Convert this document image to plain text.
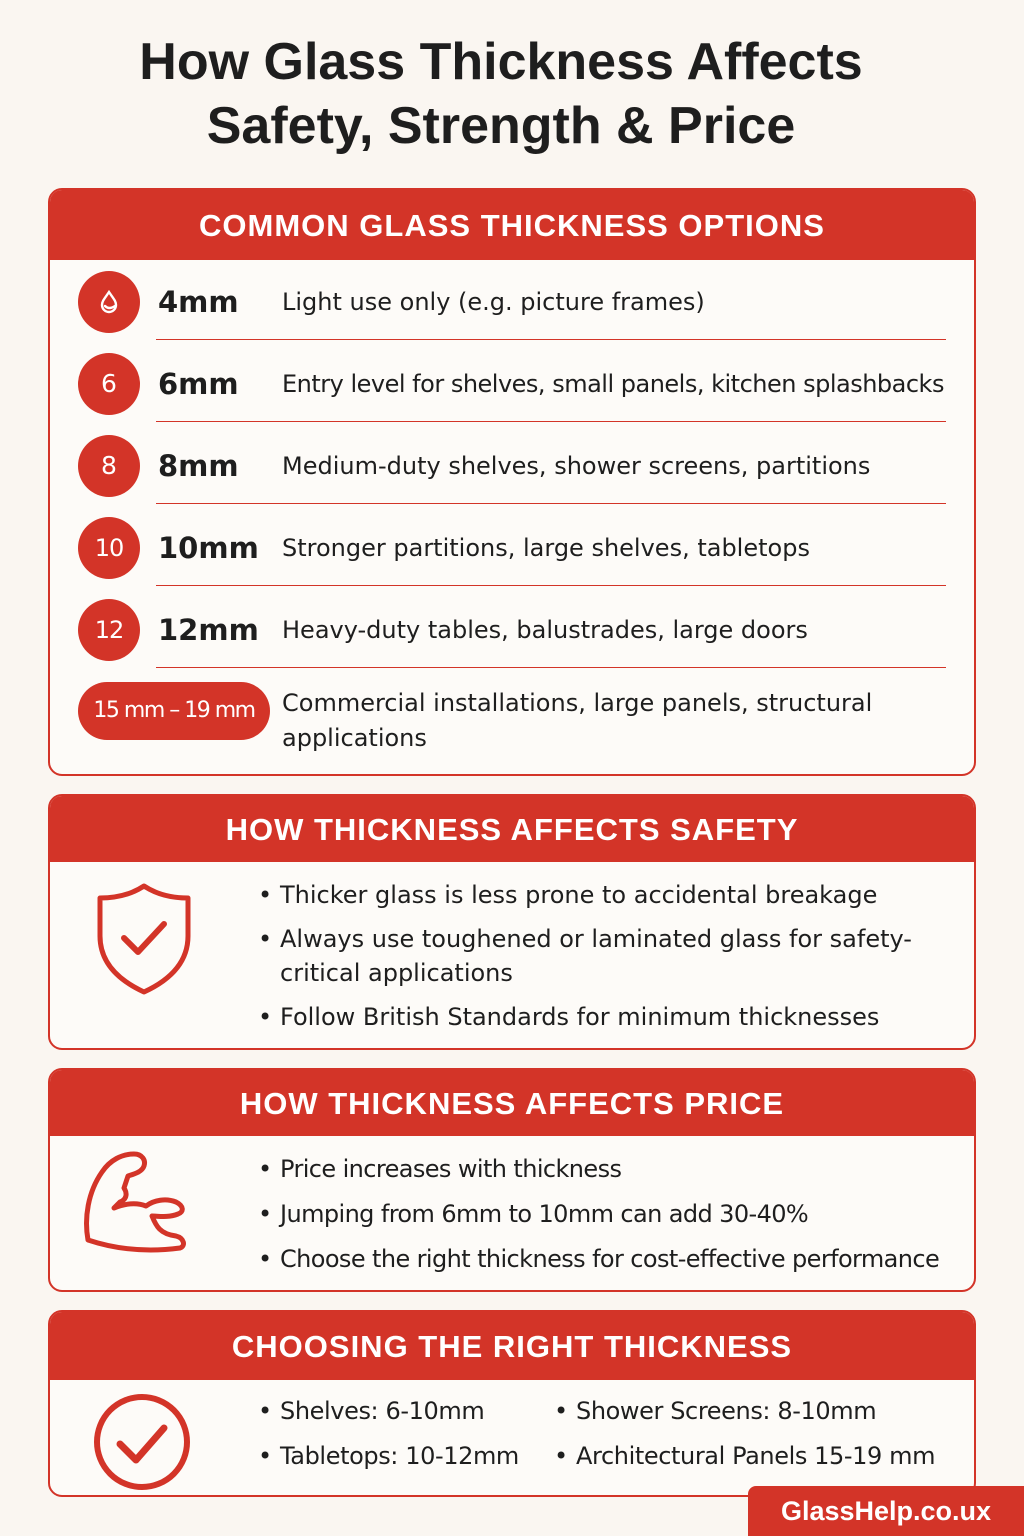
How Glass Thickness Affects
Safety, Strength & Price
COMMON GLASS THICKNESS OPTIONS
4mm Light use only (e.g. picture frames)
6	6mm Entry level for shelves, small panels, kitchen splashbacks
8	8mm Medium-duty shelves, shower screens, partitions
10	10mm Stronger partitions, large shelves, tabletops
12	12mm Heavy-duty tables, balustrades, large doors
15 mm – 19 mm	Commercial installations, large panels, structural applications
HOW THICKNESS AFFECTS SAFETY
• Thicker glass is less prone to accidental breakage
• Always use toughened or laminated glass for safety-critical applications
• Follow British Standards for minimum thicknesses
HOW THICKNESS AFFECTS PRICE
• Price increases with thickness
• Jumping from 6mm to 10mm can add 30-40%
• Choose the right thickness for cost-effective performance
CHOOSING THE RIGHT THICKNESS
• Shelves: 6-10mm
• Tabletops: 10-12mm
• Shower Screens: 8-10mm
• Architectural Panels 15-19 mm
GlassHelp.co.ux
